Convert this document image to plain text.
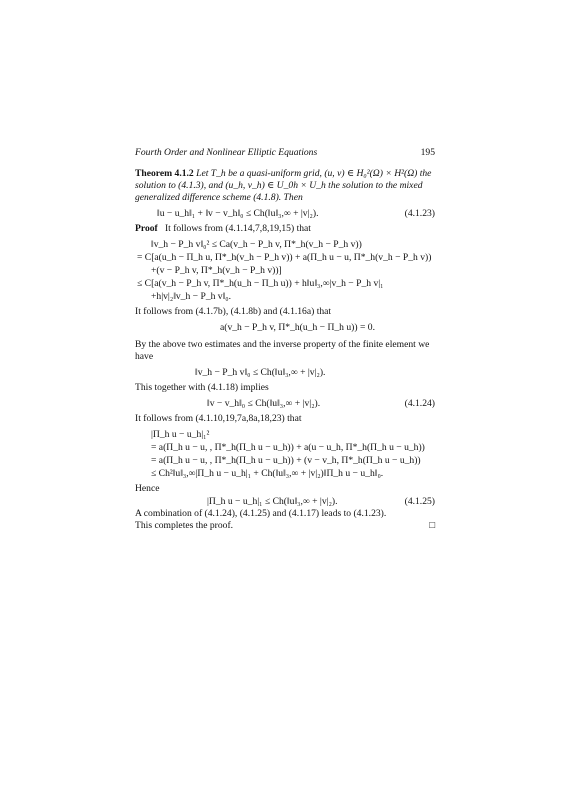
Fourth Order and Nonlinear Elliptic Equations	195

Theorem 4.1.2 Let T_h be a quasi-uniform grid, (u, v) ∈ H₀²(Ω) × H²(Ω) the solution to (4.1.3), and (u_h, v_h) ∈ U_0h × U_h the solution to the mixed generalized difference scheme (4.1.8). Then

‖u − u_h‖₁ + ‖v − v_h‖₀ ≤ Ch(‖u‖₃,∞ + |v|₂).	(4.1.23)

Proof It follows from (4.1.14,7,8,19,15) that

‖v_h − P_h v‖₀² ≤ Ca(v_h − P_h v, Π*_h(v_h − P_h v))
= C[a(u_h − Π_h u, Π*_h(v_h − P_h v)) + a(Π_h u − u, Π*_h(v_h − P_h v))
+(v − P_h v, Π*_h(v_h − P_h v))]
≤ C[a(v_h − P_h v, Π*_h(u_h − Π_h u)) + h‖u‖₃,∞|v_h − P_h v|₁
+h|v|₂‖v_h − P_h v‖₀.

It follows from (4.1.7b), (4.1.8b) and (4.1.16a) that

a(v_h − P_h v, Π*_h(u_h − Π_h u)) = 0.

By the above two estimates and the inverse property of the finite element we have

‖v_h − P_h v‖₀ ≤ Ch(‖u‖₃,∞ + |v|₂).

This together with (4.1.18) implies

‖v − v_h‖₀ ≤ Ch(‖u‖₃,∞ + |v|₂).	(4.1.24)

It follows from (4.1.10,19,7a,8a,18,23) that

|Π_h u − u_h|₁²
= a(Π_h u − u, , Π*_h(Π_h u − u_h)) + a(u − u_h, Π*_h(Π_h u − u_h))
= a(Π_h u − u, , Π*_h(Π_h u − u_h)) + (v − v_h, Π*_h(Π_h u − u_h))
≤ Ch²‖u‖₃,∞|Π_h u − u_h|₁ + Ch(‖u‖₃,∞ + |v|₂)‖Π_h u − u_h‖₀.

Hence

|Π_h u − u_h|₁ ≤ Ch(‖u‖₃,∞ + |v|₂).	(4.1.25)

A combination of (4.1.24), (4.1.25) and (4.1.17) leads to (4.1.23).

This completes the proof.	□
